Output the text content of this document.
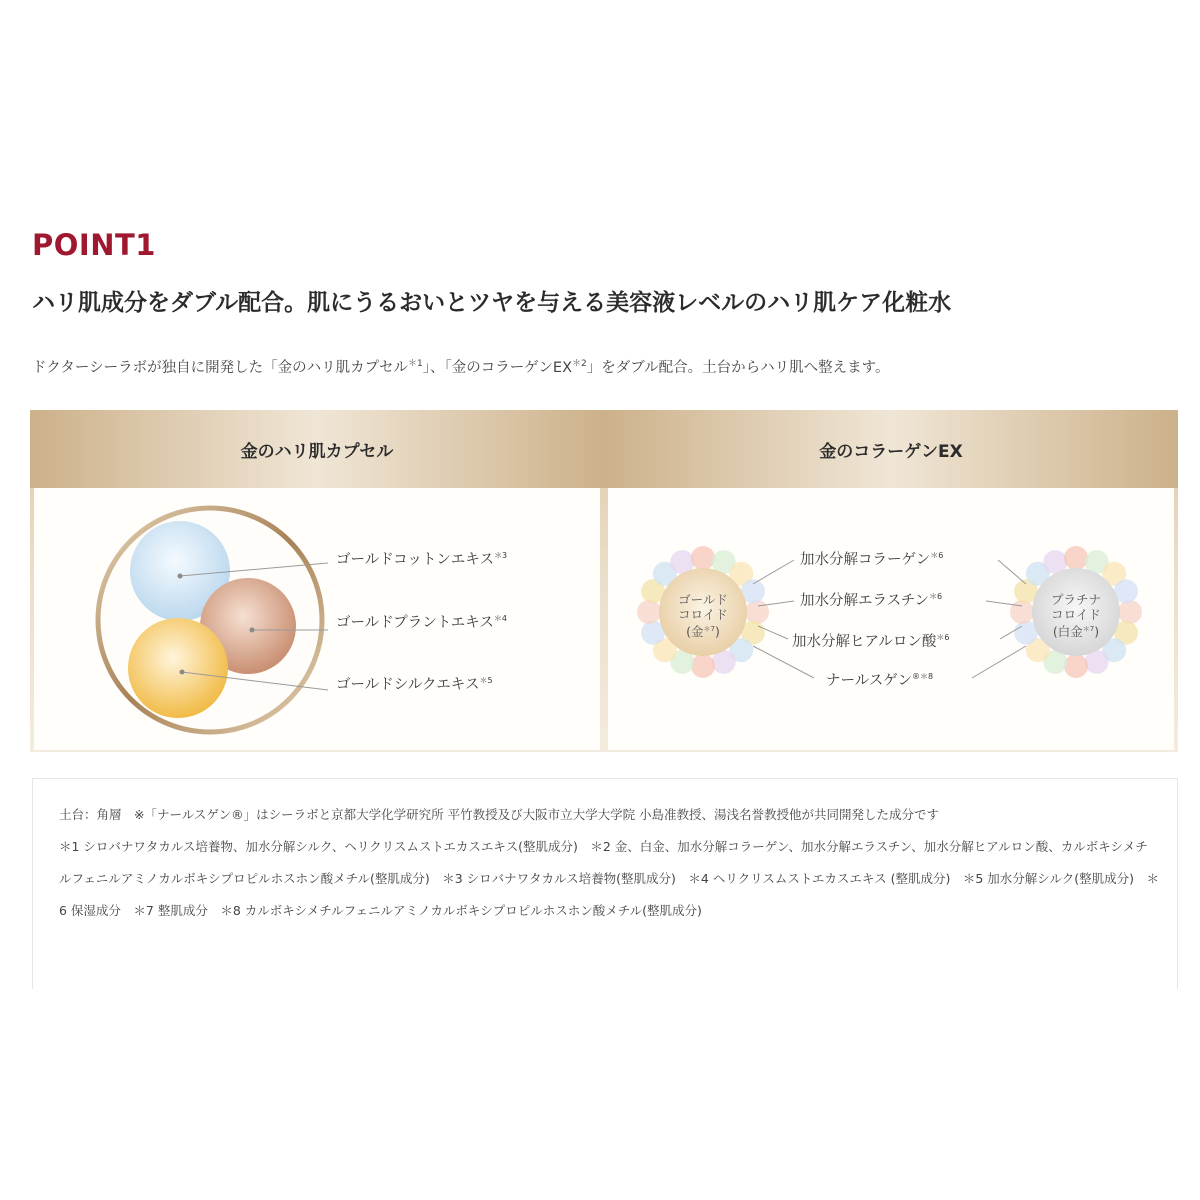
POINT1
ハリ肌成分をダブル配合。肌にうるおいとツヤを与える美容液レベルのハリ肌ケア化粧水
ドクターシーラボが独自に開発した「金のハリ肌カプセル$^{*1}$」、「金のコラーゲン$EX^{*2}$」をダブル配合。土台からハリ肌へ整えます。
金のハリ肌カプセル	金のコラーゲンEX
ゴールドコットンエキス$^{*3}$
ゴールドプラントエキス$^{*4}$
ゴールドシルクエキス$^{*5}$
ゴールド
コロイド
(金$^{*7}$)
プラチナ
コロイド
(白金$^{*7}$)
加水分解コラーゲン$^{*6}$
加水分解エラスチン$^{*6}$
加水分解ヒアルロン酸$^{*6}$
ナールスゲン$^{®*8}$

土台：角層　※「ナールスゲン®」はシーラボと京都大学化学研究所 平竹教授及び大阪市立大学大学院 小島准教授、湯浅名誉教授他が共同開発した成分です

＊1 シロバナワタカルス培養物、加水分解シルク、ヘリクリスムストエカスエキス(整肌成分)　＊2 金、白金、加水分解コラーゲン、加水分解エラスチン、加水分解ヒアルロン酸、カルボキシメチルフェニルアミノカルボキシプロピルホスホン酸メチル(整肌成分)　＊3 シロバナワタカルス培養物(整肌成分)　＊4 ヘリクリスムストエカスエキス (整肌成分)　＊5 加水分解シルク(整肌成分)　＊6 保湿成分　＊7 整肌成分　＊8 カルボキシメチルフェニルアミノカルボキシプロピルホスホン酸メチル(整肌成分)
